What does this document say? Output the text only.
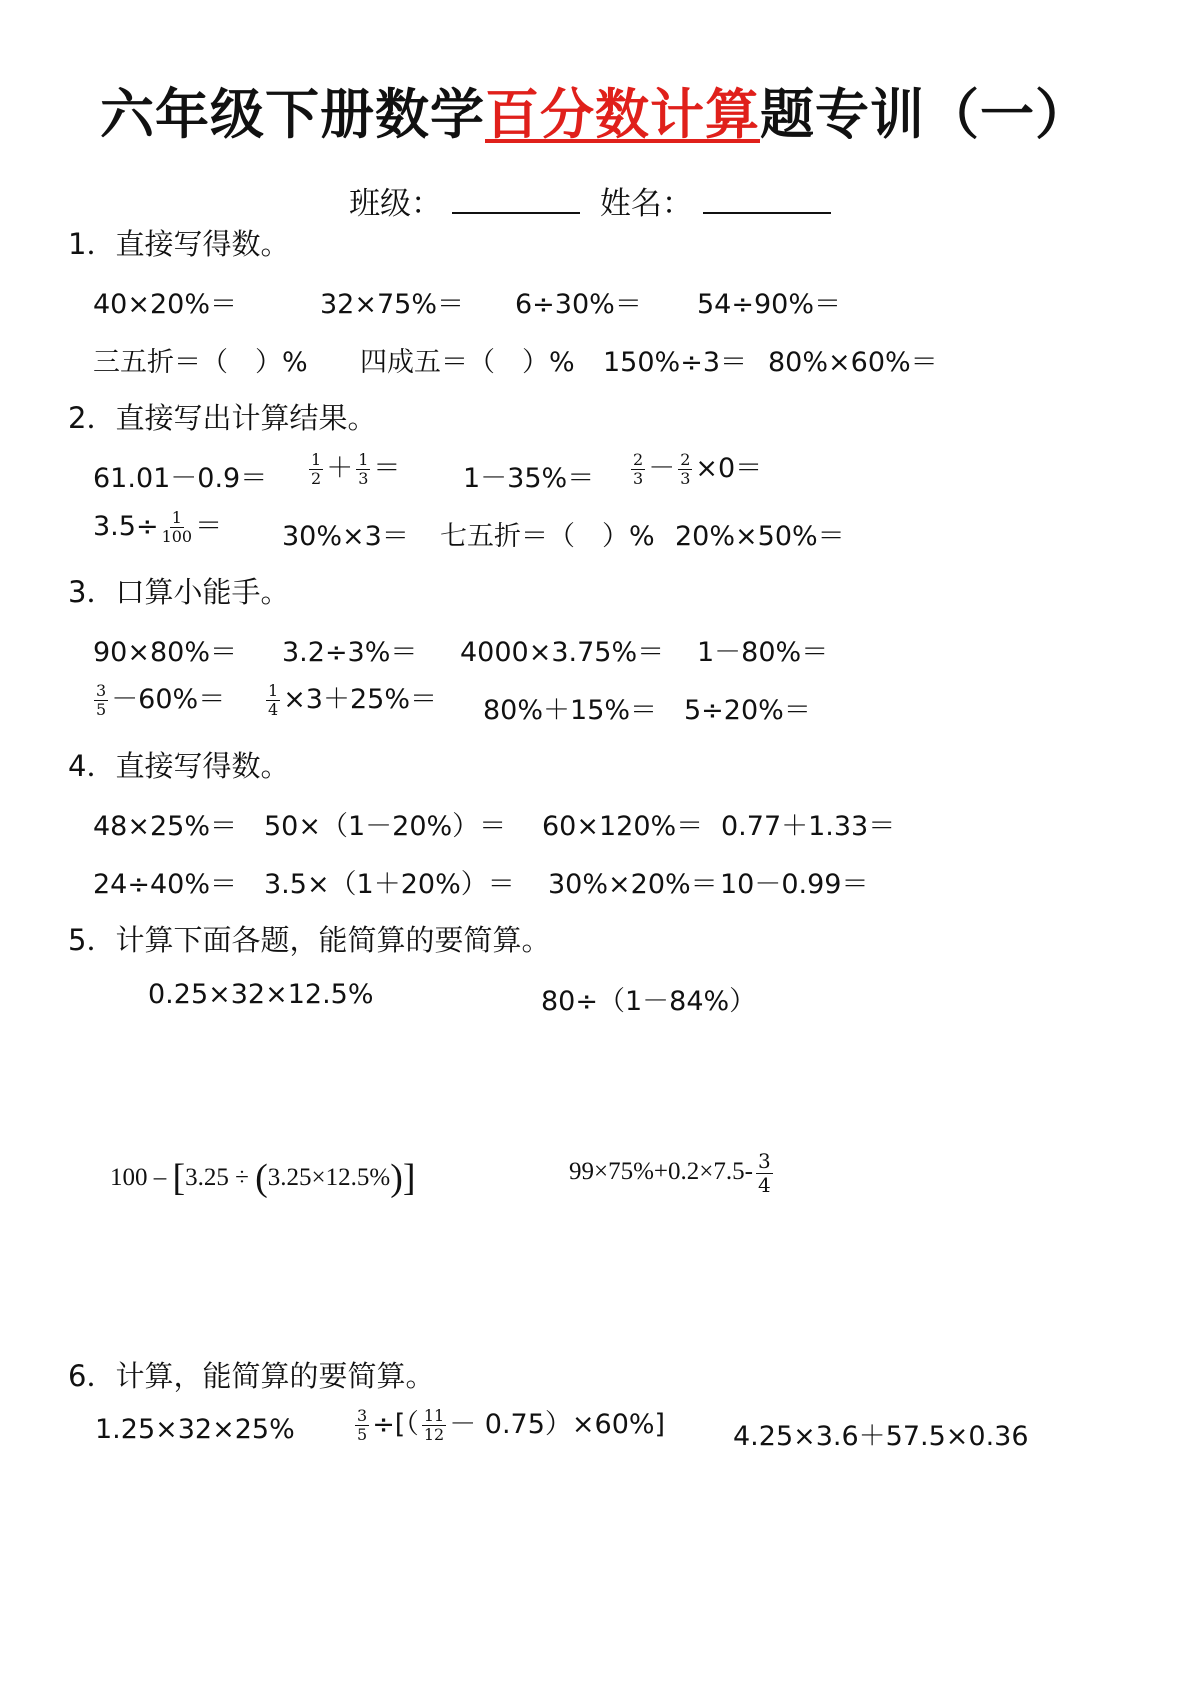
六年级下册数学百分数计算题专训（一）
班级：	姓名：
1．直接写得数。
40×20%＝	32×75%＝ 6÷30%＝ 54÷90%＝
三五折＝（　）% 四成五＝（　）% 150%÷3＝ 80%×60%＝
2．直接写出计算结果。
61.01－0.9＝	$\frac{1}{2} + \frac{1}{3} = 1-35\%= \frac{2}{3} - \frac{2}{3} \times 0=$
$3.5\div \frac{1}{100} = 30\%\times 3=$ 七五折＝（　）% 20%×50%＝
3．口算小能手。
90×80%＝ 3.2÷3%＝ 4000×3.75%＝ 1－80%＝
$\frac{3}{5} -60\%=$	$\frac{1}{4} \times 3+25\%= 80\%+15\%= 5\div 20\%=$
4．直接写得数。
48×25%＝ 50×（1－20%）＝ 60×120%＝ 0.77＋1.33＝
24÷40%＝ 3.5×（1＋20%）＝ 30%×20%＝ 10－0.99＝
5．计算下面各题，能简算的要简算。
0.25×32×12.5%	80÷（1－84%）
100 – [3.25 ÷ (3.25×12.5%)]	$99\times 75\%+0.2\times 7.5- \frac{3}{4}$
6．计算，能简算的要简算。
1.25×32×25%	$\frac{3}{5}$ ÷[（ $\frac{11}{12} - 0.75)\times 60\%$]	4.25×3.6＋57.5×0.36
